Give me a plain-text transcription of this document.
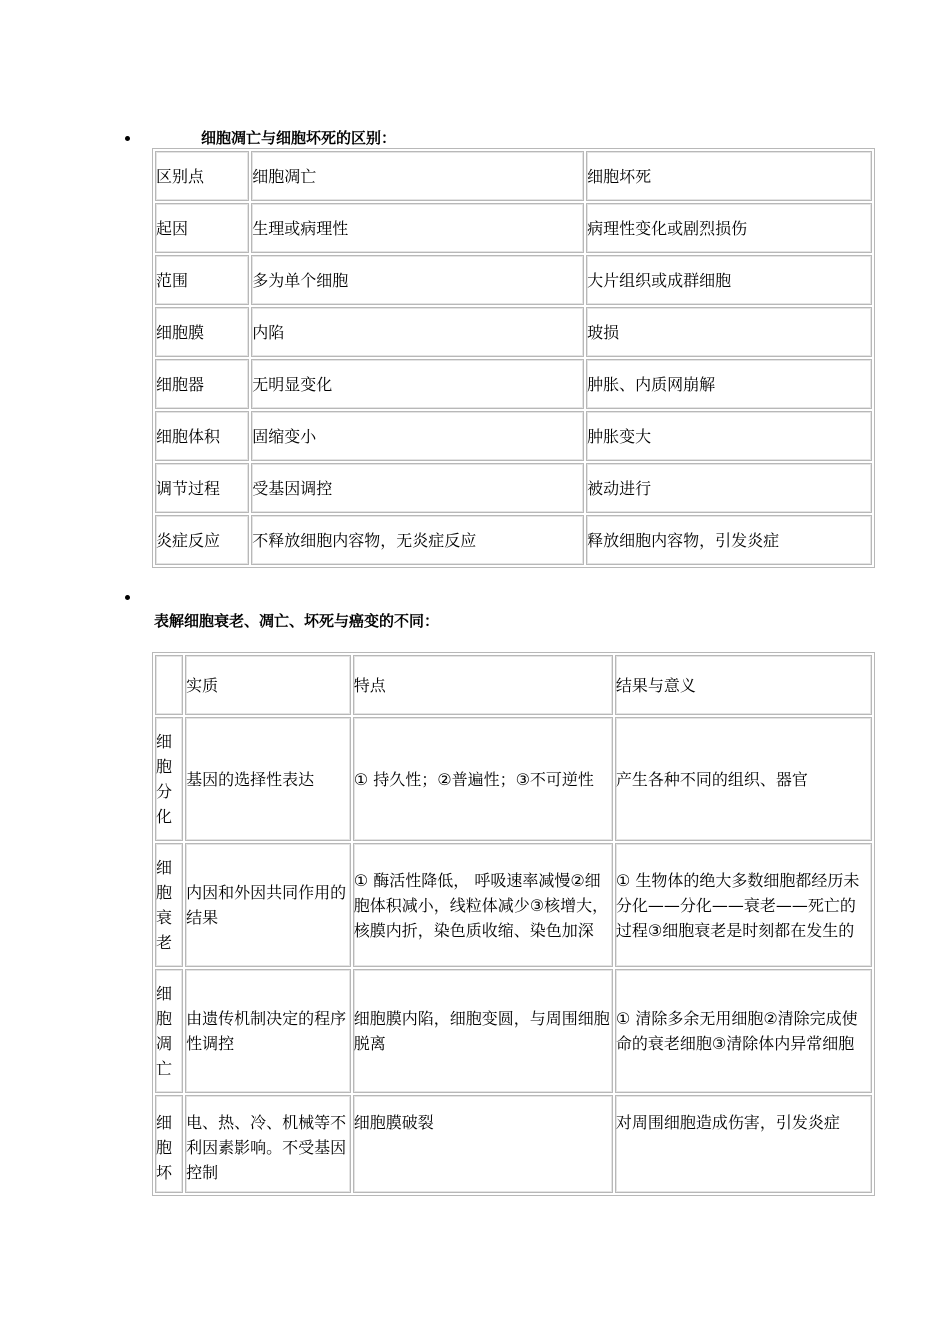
细胞凋亡与细胞坏死的区别：
区别点	细胞凋亡	细胞坏死
起因	生理或病理性	病理性变化或剧烈损伤
范围	多为单个细胞	大片组织或成群细胞
细胞膜	内陷	玻损
细胞器	无明显变化	肿胀、内质网崩解
细胞体积	固缩变小	肿胀变大
调节过程	受基因调控	被动进行
炎症反应	不释放细胞内容物，无炎症反应	释放细胞内容物，引发炎症
表解细胞衰老、凋亡、坏死与癌变的不同：
	实质	特点	结果与意义
细胞分化	基因的选择性表达	① 持久性；②普遍性；③不可逆性	产生各种不同的组织、器官
细胞衰老	内因和外因共同作用的结果	① 酶活性降低， 呼吸速率减慢②细胞体积减小，线粒体减少③核增大，核膜内折，染色质收缩、染色加深	① 生物体的绝大多数细胞都经历未分化——分化——衰老——死亡的过程③细胞衰老是时刻都在发生的
细胞凋亡	由遗传机制决定的程序性调控	细胞膜内陷，细胞变圆，与周围细胞脱离	① 清除多余无用细胞②清除完成使命的衰老细胞③清除体内异常细胞
细胞坏	电、热、冷、机械等不利因素影响。不受基因控制	细胞膜破裂	对周围细胞造成伤害，引发炎症
